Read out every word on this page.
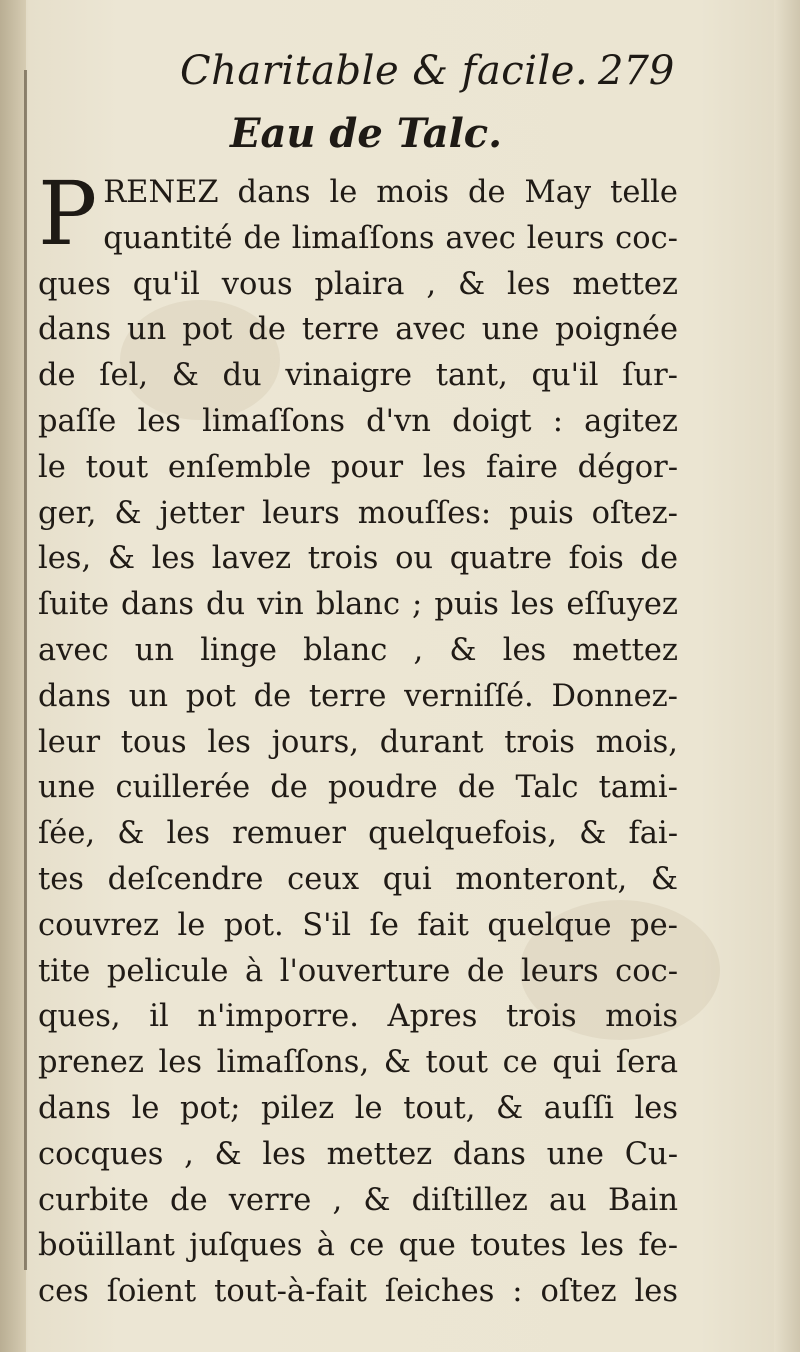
Charitable & facile. 279
Eau de Talc.
P RENEZ dans le mois de May telle
quantité de limaſſons avec leurs coc-
ques qu'il vous plaira , & les mettez
dans un pot de terre avec une poignée
de ſel, & du vinaigre tant, qu'il ſur-
paſſe les limaſſons d'vn doigt : agitez
le tout enſemble pour les faire dégor-
ger, & jetter leurs mouſſes: puis oſtez-
les, & les lavez trois ou quatre fois de
ſuite dans du vin blanc ; puis les eſſuyez
avec un linge blanc , & les mettez
dans un pot de terre verniſſé. Donnez-
leur tous les jours, durant trois mois,
une cuillerée de poudre de Talc tami-
ſée, & les remuer quelquefois, & fai-
tes deſcendre ceux qui monteront, &
couvrez le pot. S'il ſe fait quelque pe-
tite pelicule à l'ouverture de leurs coc-
ques, il n'imporre. Apres trois mois
prenez les limaſſons, & tout ce qui ſera
dans le pot; pilez le tout, & auſſi les
cocques , & les mettez dans une Cu-
curbite de verre , & diſtillez au Bain
boüillant juſques à ce que toutes les fe-
ces ſoient tout-à-fait ſeiches : oſtez les
